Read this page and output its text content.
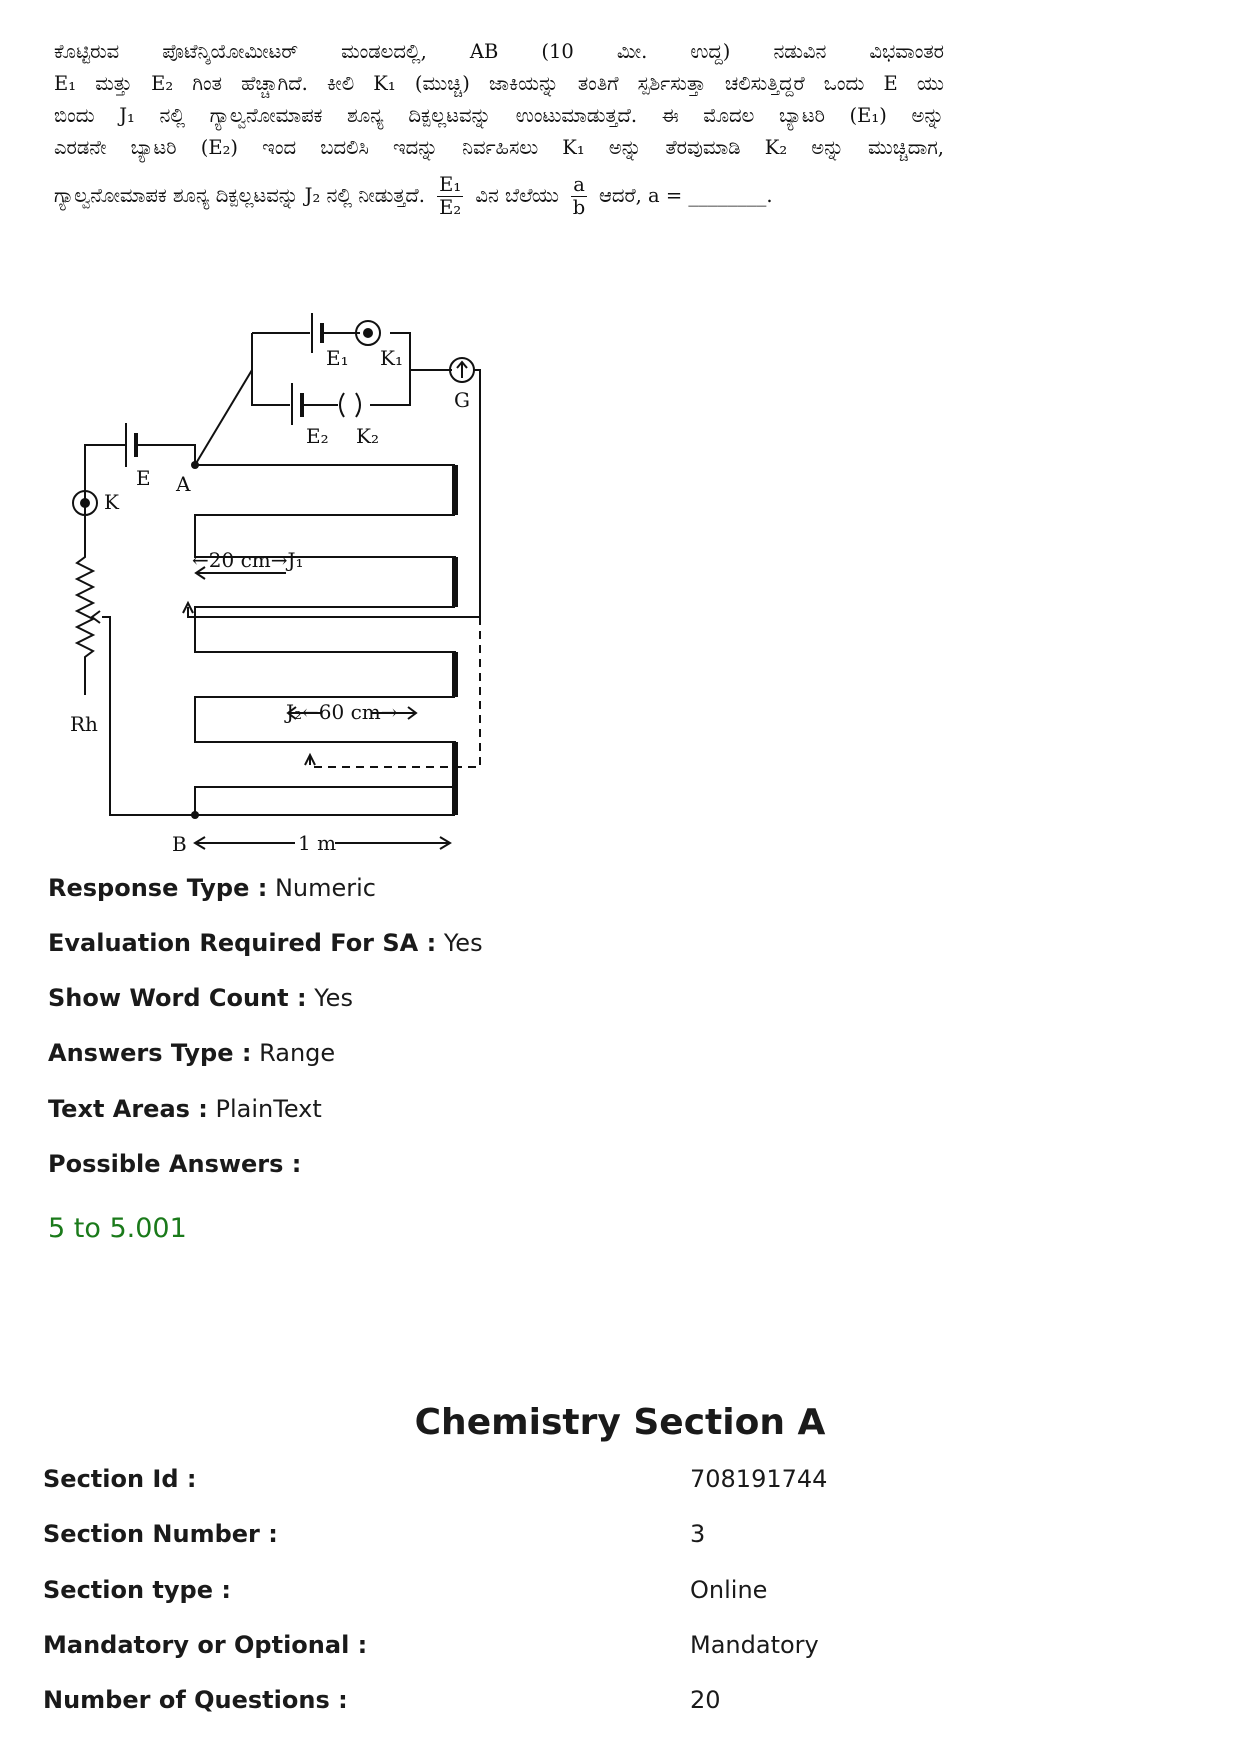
ಕೊಟ್ಟಿರುವ ಪೊಟೆನ್ಶಿಯೋಮೀಟರ್ ಮಂಡಲದಲ್ಲಿ, AB (10 ಮೀ. ಉದ್ದ) ನಡುವಿನ ವಿಭವಾಂತರ
E₁ ಮತ್ತು E₂ ಗಿಂತ ಹೆಚ್ಚಾಗಿದೆ. ಕೀಲಿ K₁ (ಮುಚ್ಚಿ) ಜಾಕಿಯನ್ನು ತಂತಿಗೆ ಸ್ಪರ್ಶಿಸುತ್ತಾ ಚಲಿಸುತ್ತಿದ್ದರೆ ಒಂದು E ಯು
ಬಿಂದು J₁ ನಲ್ಲಿ ಗ್ಯಾಲ್ವನೋಮಾಪಕ ಶೂನ್ಯ ದಿಕ್ಪಲ್ಲಟವನ್ನು ಉಂಟುಮಾಡುತ್ತದೆ. ಈ ಮೊದಲ ಬ್ಯಾಟರಿ (E₁) ಅನ್ನು
ಎರಡನೇ ಬ್ಯಾಟರಿ (E₂) ಇಂದ ಬದಲಿಸಿ ಇದನ್ನು ನಿರ್ವಹಿಸಲು K₁ ಅನ್ನು ತೆರವುಮಾಡಿ K₂ ಅನ್ನು ಮುಚ್ಚಿದಾಗ,
ಗ್ಯಾಲ್ವನೋಮಾಪಕ ಶೂನ್ಯ ದಿಕ್ಪಲ್ಲಟವನ್ನು J₂ ನಲ್ಲಿ ನೀಡುತ್ತದೆ. $\frac{\text{E₁}}{\text{E₂}}$ ವಿನ ಬೆಲೆಯು $\frac{a}{b}$ ಆದರೆ, a = ________.
E₁ K₁
E₂ K₂
G
E A
K
Rh
B
←20 cm→J₁
J₂←60 cm→
1 m
Response Type : Numeric
Evaluation Required For SA : Yes
Show Word Count : Yes
Answers Type : Range
Text Areas : PlainText
Possible Answers :
5 to 5.001
Chemistry Section A
Section Id :	708191744
Section Number :	3
Section type :	Online
Mandatory or Optional :	Mandatory
Number of Questions :	20
